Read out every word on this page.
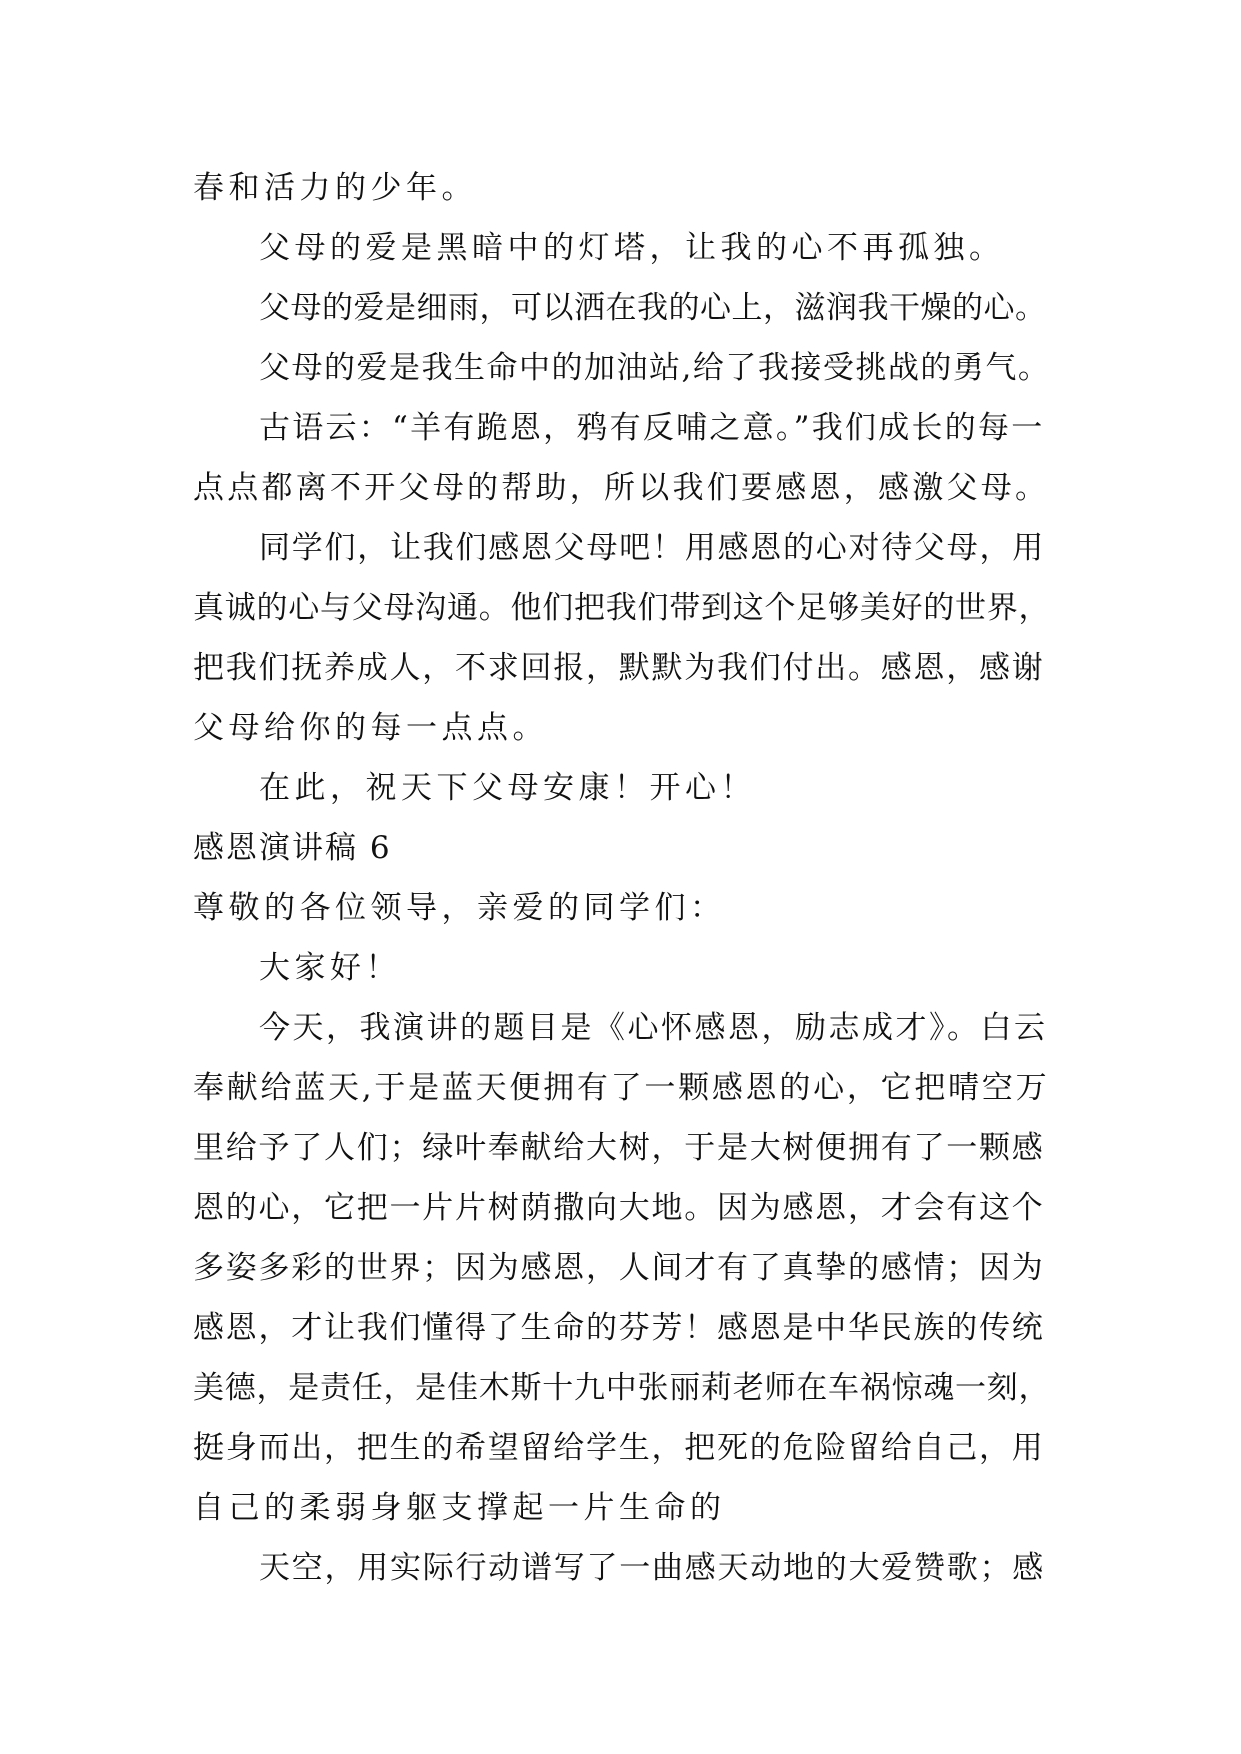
春和活力的少年。
父母的爱是黑暗中的灯塔，让我的心不再孤独。
父母的爱是细雨，可以洒在我的心上，滋润我干燥的心。
父母的爱是我生命中的加油站,给了我接受挑战的勇气。
古语云：“羊有跪恩，鸦有反哺之意。”我们成长的每一
点点都离不开父母的帮助，所以我们要感恩，感激父母。
同学们，让我们感恩父母吧！用感恩的心对待父母，用
真诚的心与父母沟通。他们把我们带到这个足够美好的世界，
把我们抚养成人，不求回报，默默为我们付出。感恩，感谢
父母给你的每一点点。
在此，祝天下父母安康！开心！
感恩演讲稿 6
尊敬的各位领导，亲爱的同学们：
大家好！
今天，我演讲的题目是《心怀感恩，励志成才》。白云
奉献给蓝天,于是蓝天便拥有了一颗感恩的心，它把晴空万
里给予了人们；绿叶奉献给大树，于是大树便拥有了一颗感
恩的心，它把一片片树荫撒向大地。因为感恩，才会有这个
多姿多彩的世界；因为感恩，人间才有了真挚的感情；因为
感恩，才让我们懂得了生命的芬芳！感恩是中华民族的传统
美德，是责任，是佳木斯十九中张丽莉老师在车祸惊魂一刻，
挺身而出，把生的希望留给学生，把死的危险留给自己，用
自己的柔弱身躯支撑起一片生命的
天空，用实际行动谱写了一曲感天动地的大爱赞歌；感
